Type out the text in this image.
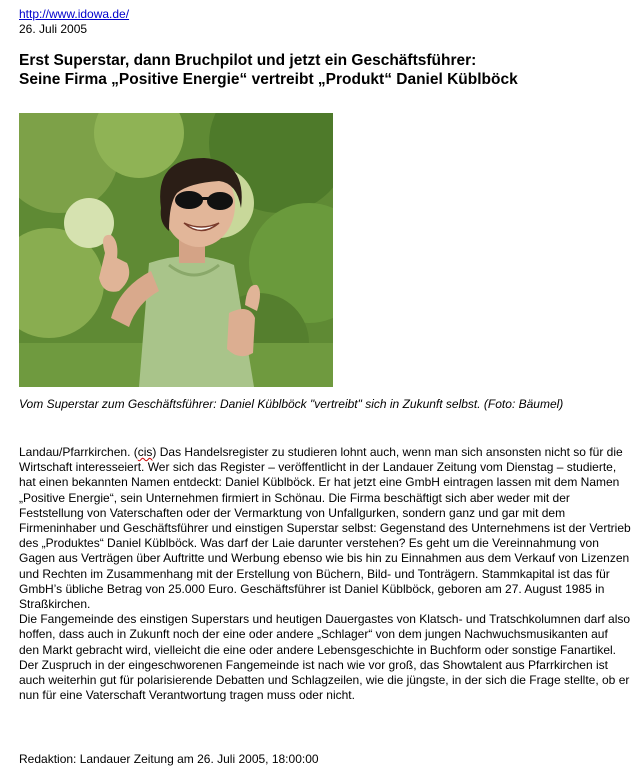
http://www.idowa.de/
26. Juli 2005
Erst Superstar, dann Bruchpilot und jetzt ein Geschäftsführer:
Seine Firma „Positive Energie“ vertreibt „Produkt“ Daniel Küblböck
Vom Superstar zum Geschäftsführer: Daniel Küblböck "vertreibt" sich in Zukunft selbst. (Foto: Bäumel)

Landau/Pfarrkirchen. (cis) Das Handelsregister zu studieren lohnt auch, wenn man sich ansonsten nicht so für die Wirtschaft interesseiert. Wer sich das Register – veröffentlicht in der Landauer Zeitung vom Dienstag – studierte, hat einen bekannten Namen entdeckt: Daniel Küblböck. Er hat jetzt eine GmbH eintragen lassen mit dem Namen „Positive Energie“, sein Unternehmen firmiert in Schönau. Die Firma beschäftigt sich aber weder mit der Feststellung von Vaterschaften oder der Vermarktung von Unfallgurken, sondern ganz und gar mit dem Firmeninhaber und Geschäftsführer und einstigen Superstar selbst: Gegenstand des Unternehmens ist der Vertrieb des „Produktes“ Daniel Küblböck. Was darf der Laie darunter verstehen? Es geht um die Vereinnahmung von Gagen aus Verträgen über Auftritte und Werbung ebenso wie bis hin zu Einnahmen aus dem Verkauf von Lizenzen und Rechten im Zusammenhang mit der Erstellung von Büchern, Bild- und Tonträgern. Stammkapital ist das für GmbH’s übliche Betrag von 25.000 Euro. Geschäftsführer ist Daniel Küblböck, geboren am 27. August 1985 in Straßkirchen.

Die Fangemeinde des einstigen Superstars und heutigen Dauergastes von Klatsch- und Tratschkolumnen darf also hoffen, dass auch in Zukunft noch der eine oder andere „Schlager“ von dem jungen Nachwuchsmusikanten auf den Markt gebracht wird, vielleicht die eine oder andere Lebensgeschichte in Buchform oder sonstige Fanartikel. Der Zuspruch in der eingeschworenen Fangemeinde ist nach wie vor groß, das Showtalent aus Pfarrkirchen ist auch weiterhin gut für polarisierende Debatten und Schlagzeilen, wie die jüngste, in der sich die Frage stellte, ob er nun für eine Vaterschaft Verantwortung tragen muss oder nicht.

Redaktion: Landauer Zeitung am 26. Juli 2005, 18:00:00
